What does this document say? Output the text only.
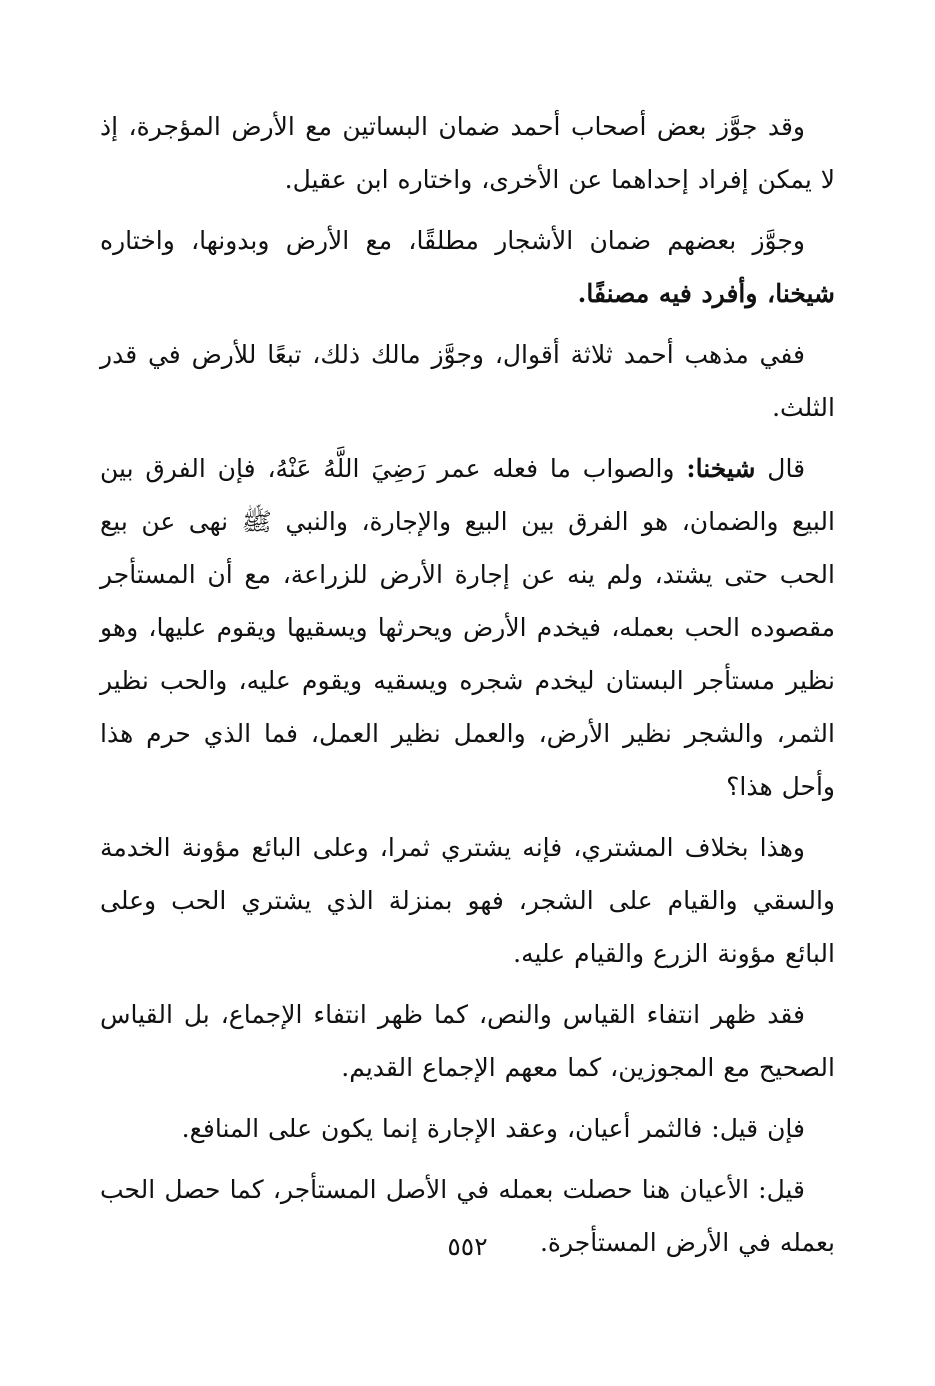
وقد جوَّز بعض أصحاب أحمد ضمان البساتين مع الأرض المؤجرة، إذ لا يمكن إفراد إحداهما عن الأخرى، واختاره ابن عقيل.

وجوَّز بعضهم ضمان الأشجار مطلقًا، مع الأرض وبدونها، واختاره شيخنا، وأفرد فيه مصنفًا.

ففي مذهب أحمد ثلاثة أقوال، وجوَّز مالك ذلك، تبعًا للأرض في قدر الثلث.

قال شيخنا: والصواب ما فعله عمر رَضِيَ اللَّهُ عَنْهُ، فإن الفرق بين البيع والضمان، هو الفرق بين البيع والإجارة، والنبي ﷺ نهى عن بيع الحب حتى يشتد، ولم ينه عن إجارة الأرض للزراعة، مع أن المستأجر مقصوده الحب بعمله، فيخدم الأرض ويحرثها ويسقيها ويقوم عليها، وهو نظير مستأجر البستان ليخدم شجره ويسقيه ويقوم عليه، والحب نظير الثمر، والشجر نظير الأرض، والعمل نظير العمل، فما الذي حرم هذا وأحل هذا؟

وهذا بخلاف المشتري، فإنه يشتري ثمرا، وعلى البائع مؤونة الخدمة والسقي والقيام على الشجر، فهو بمنزلة الذي يشتري الحب وعلى البائع مؤونة الزرع والقيام عليه.

فقد ظهر انتفاء القياس والنص، كما ظهر انتفاء الإجماع، بل القياس الصحيح مع المجوزين، كما معهم الإجماع القديم.

فإن قيل: فالثمر أعيان، وعقد الإجارة إنما يكون على المنافع.

قيل: الأعيان هنا حصلت بعمله في الأصل المستأجر، كما حصل الحب بعمله في الأرض المستأجرة.

٥٥٢
